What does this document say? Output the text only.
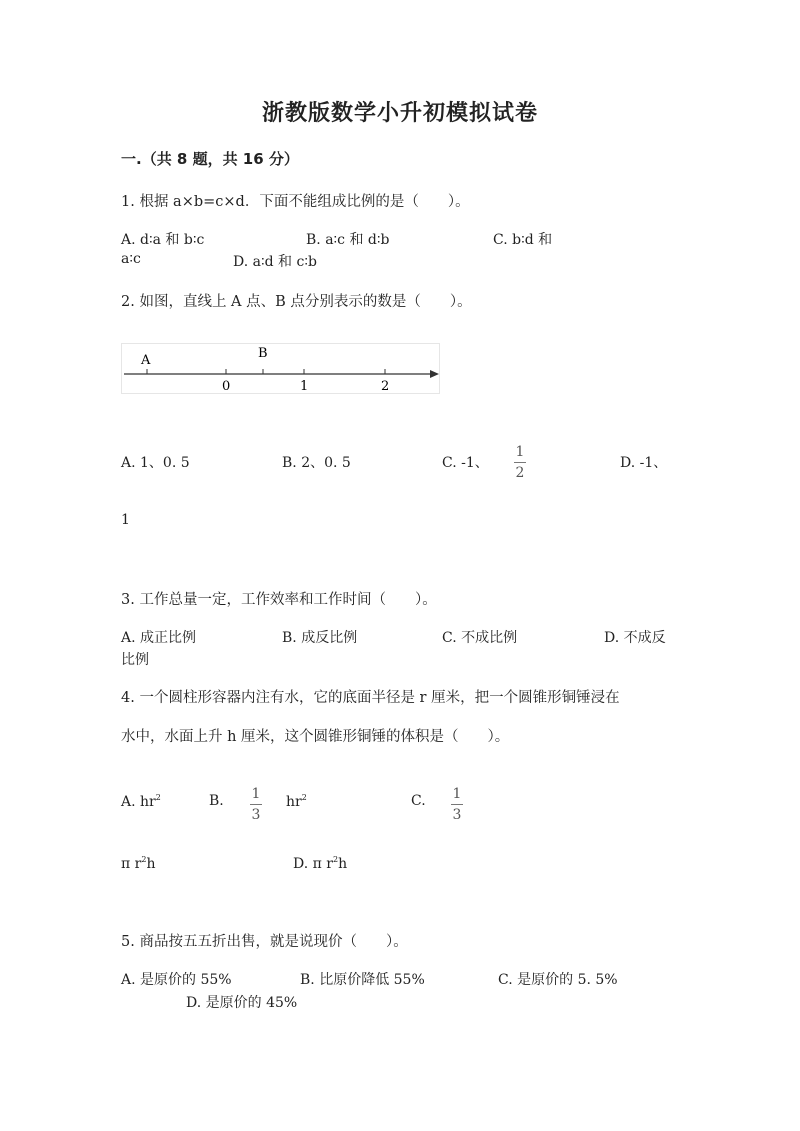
浙教版数学小升初模拟试卷
一.（共 8 题，共 16 分）
1. 根据 a×b=c×d．下面不能组成比例的是（　　）。
A. d∶a 和 b∶c	B. a∶c 和 d∶b	C. b∶d 和
a∶c	D. a∶d 和 c∶b
2. 如图，直线上 A 点、B 点分别表示的数是（　　）。
A	B
0	1	2
A. 1、0. 5	B. 2、0. 5	C. -1、
1
2
D. -1、
1
3. 工作总量一定，工作效率和工作时间（　　）。
A. 成正比例	B. 成反比例	C. 不成比例	D. 不成反
比例
4. 一个圆柱形容器内注有水，它的底面半径是 r 厘米，把一个圆锥形铜锤浸在
水中，水面上升 h 厘米，这个圆锥形铜锤的体积是（　　）。
A. $hr^2$	B. 1
3
$hr^2$	C. 1
3
π $r^2h$	D. π $r^2h$
5. 商品按五五折出售，就是说现价（　　）。
A. 是原价的 55%	B. 比原价降低 55%	C. 是原价的 5. 5%
D. 是原价的 45%
